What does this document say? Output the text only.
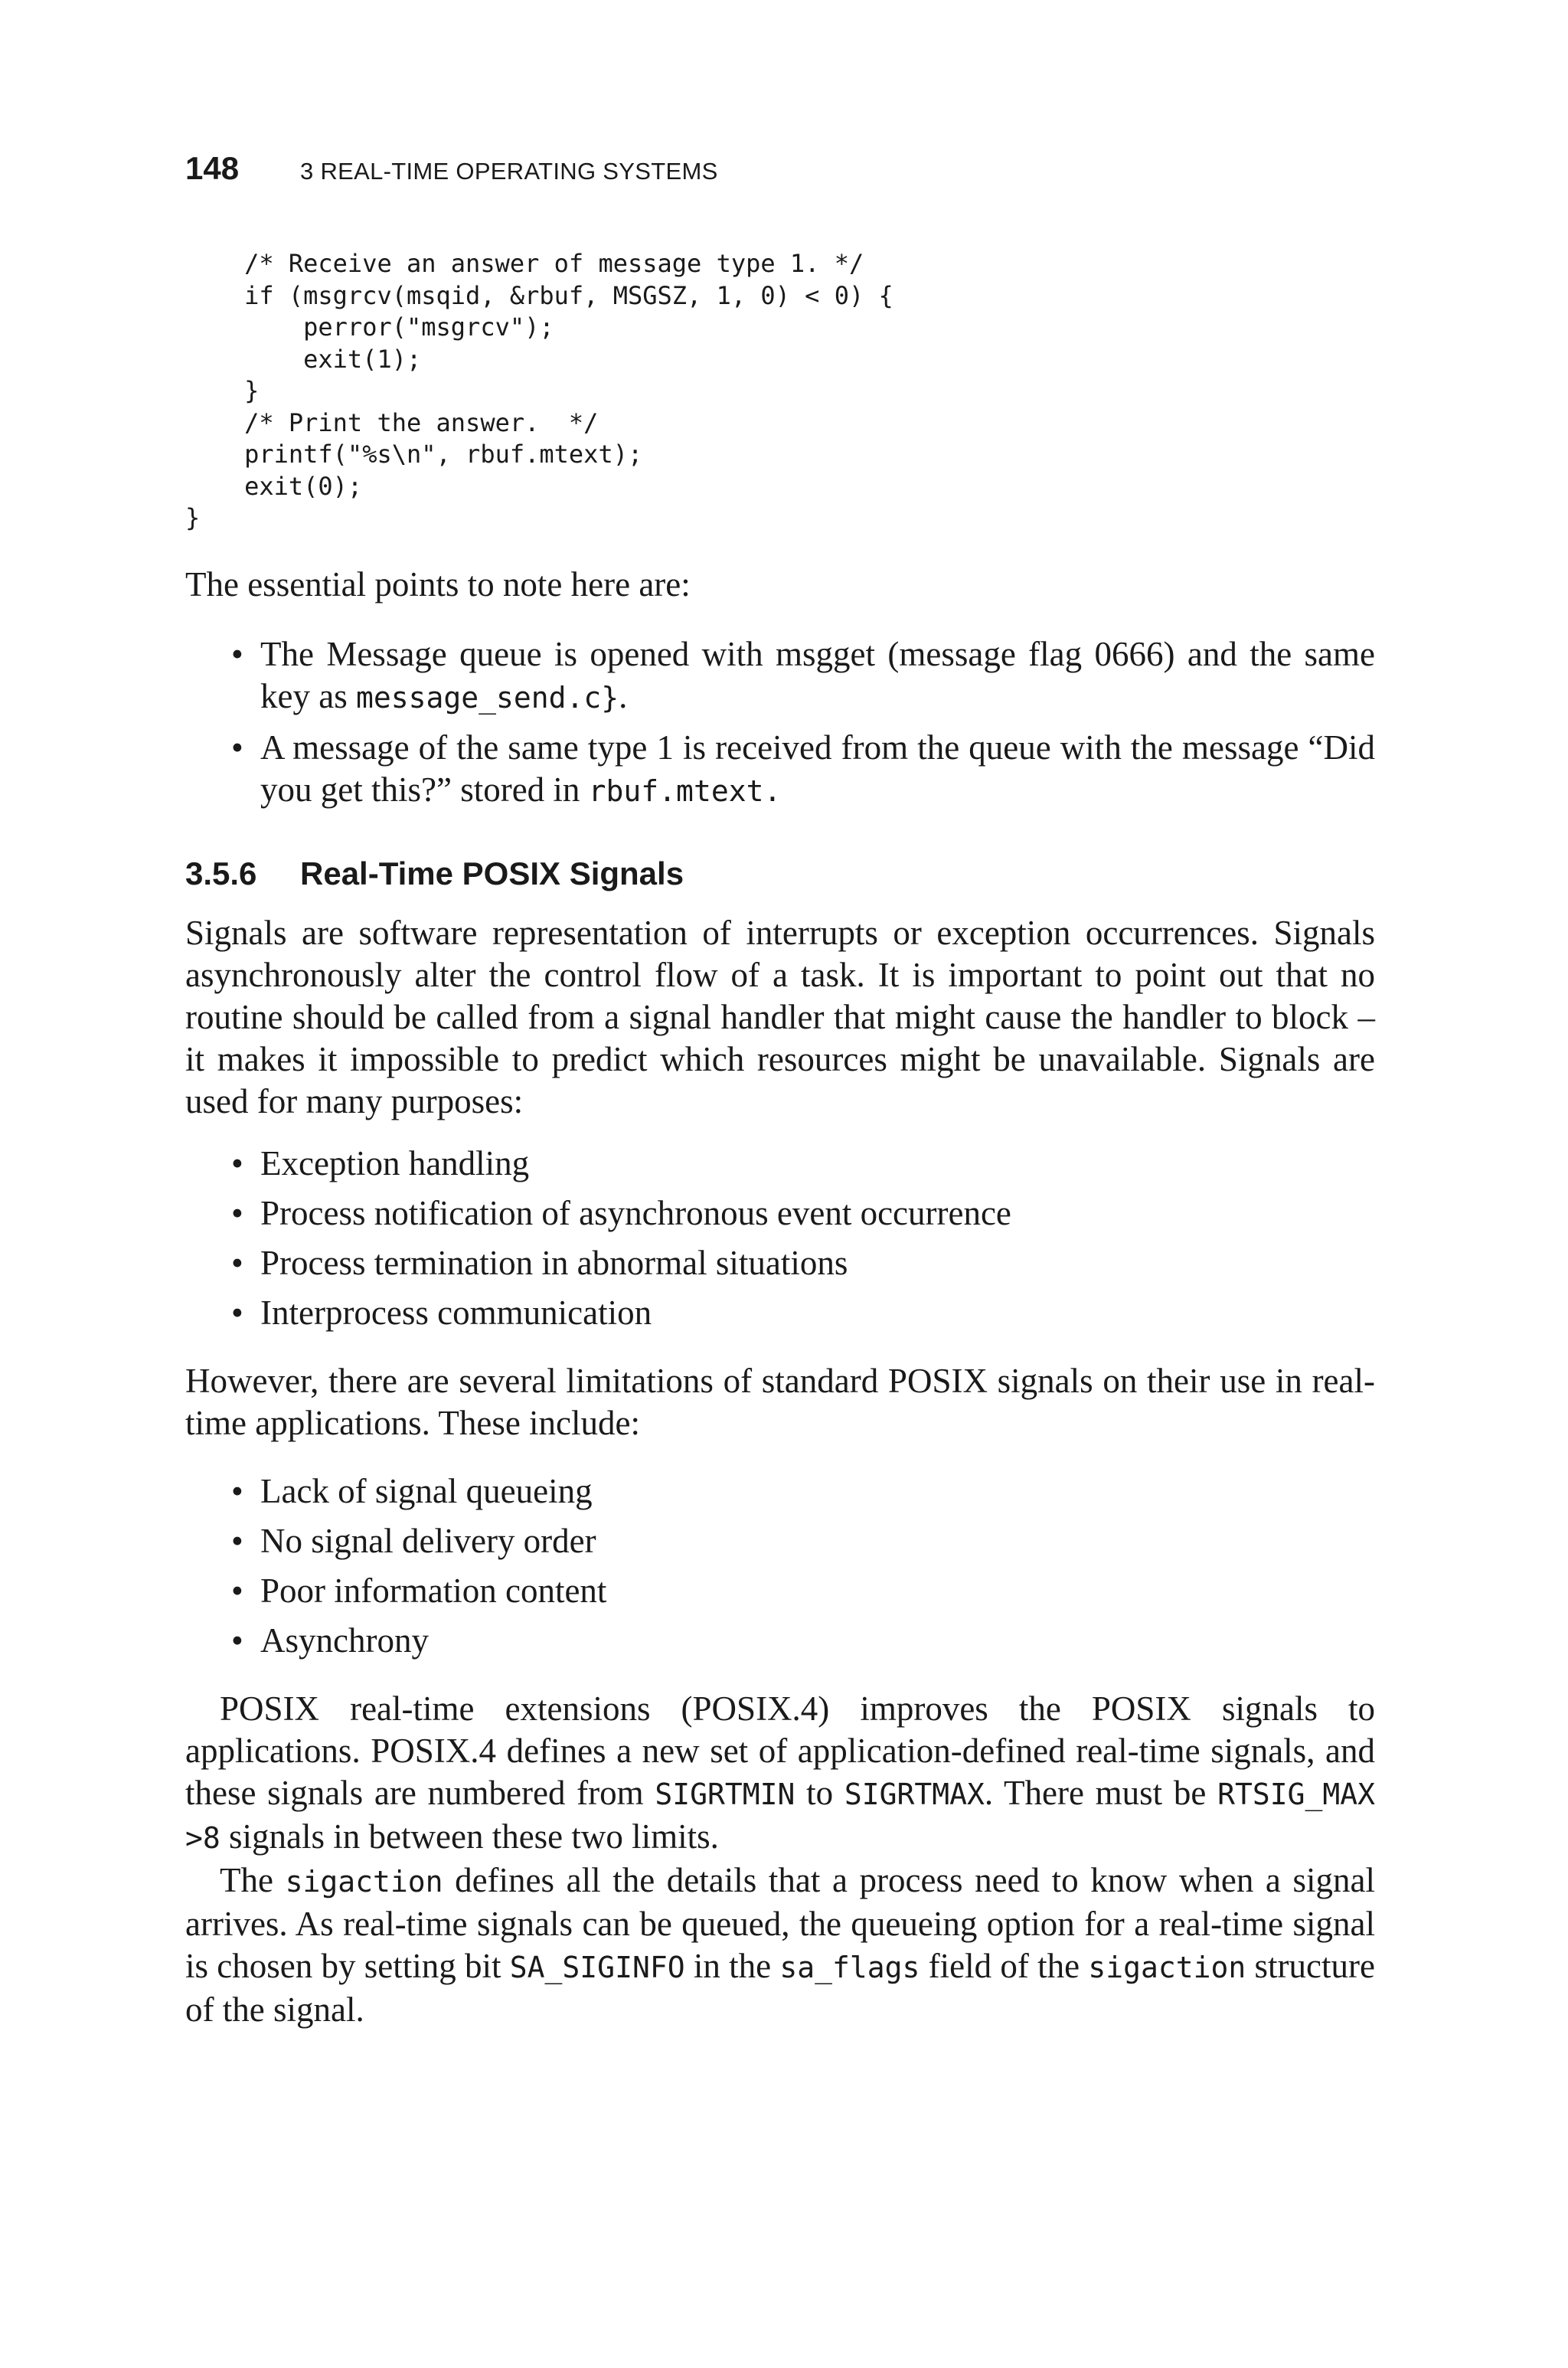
148	3 REAL-TIME OPERATING SYSTEMS
/* Receive an answer of message type 1. */
if (msgrcv(msqid, &rbuf, MSGSZ, 1, 0) < 0) {
perror("msgrcv");
exit(1);
}
/* Print the answer.  */
printf("%s\n", rbuf.mtext);
exit(0);
}

The essential points to note here are:

• The Message queue is opened with msgget (message flag 0666) and the same key as message_send.c}.
• A message of the same type 1 is received from the queue with the message “Did you get this?” stored in rbuf.mtext.
3.5.6	Real-Time POSIX Signals

Signals are software representation of interrupts or exception occurrences. Signals asynchronously alter the control flow of a task. It is important to point out that no routine should be called from a signal handler that might cause the handler to block – it makes it impossible to predict which resources might be unavailable. Signals are used for many purposes:

• Exception handling
• Process notification of asynchronous event occurrence
• Process termination in abnormal situations
• Interprocess communication

However, there are several limitations of standard POSIX signals on their use in real-time applications. These include:

• Lack of signal queueing
• No signal delivery order
• Poor information content
• Asynchrony

POSIX real-time extensions (POSIX.4) improves the POSIX signals to applications. POSIX.4 defines a new set of application-defined real-time signals, and these signals are numbered from SIGRTMIN to SIGRTMAX. There must be RTSIG_MAX >8 signals in between these two limits.

The sigaction defines all the details that a process need to know when a signal arrives. As real-time signals can be queued, the queueing option for a real-time signal is chosen by setting bit SA_SIGINFO in the sa_flags field of the sigaction structure of the signal.
